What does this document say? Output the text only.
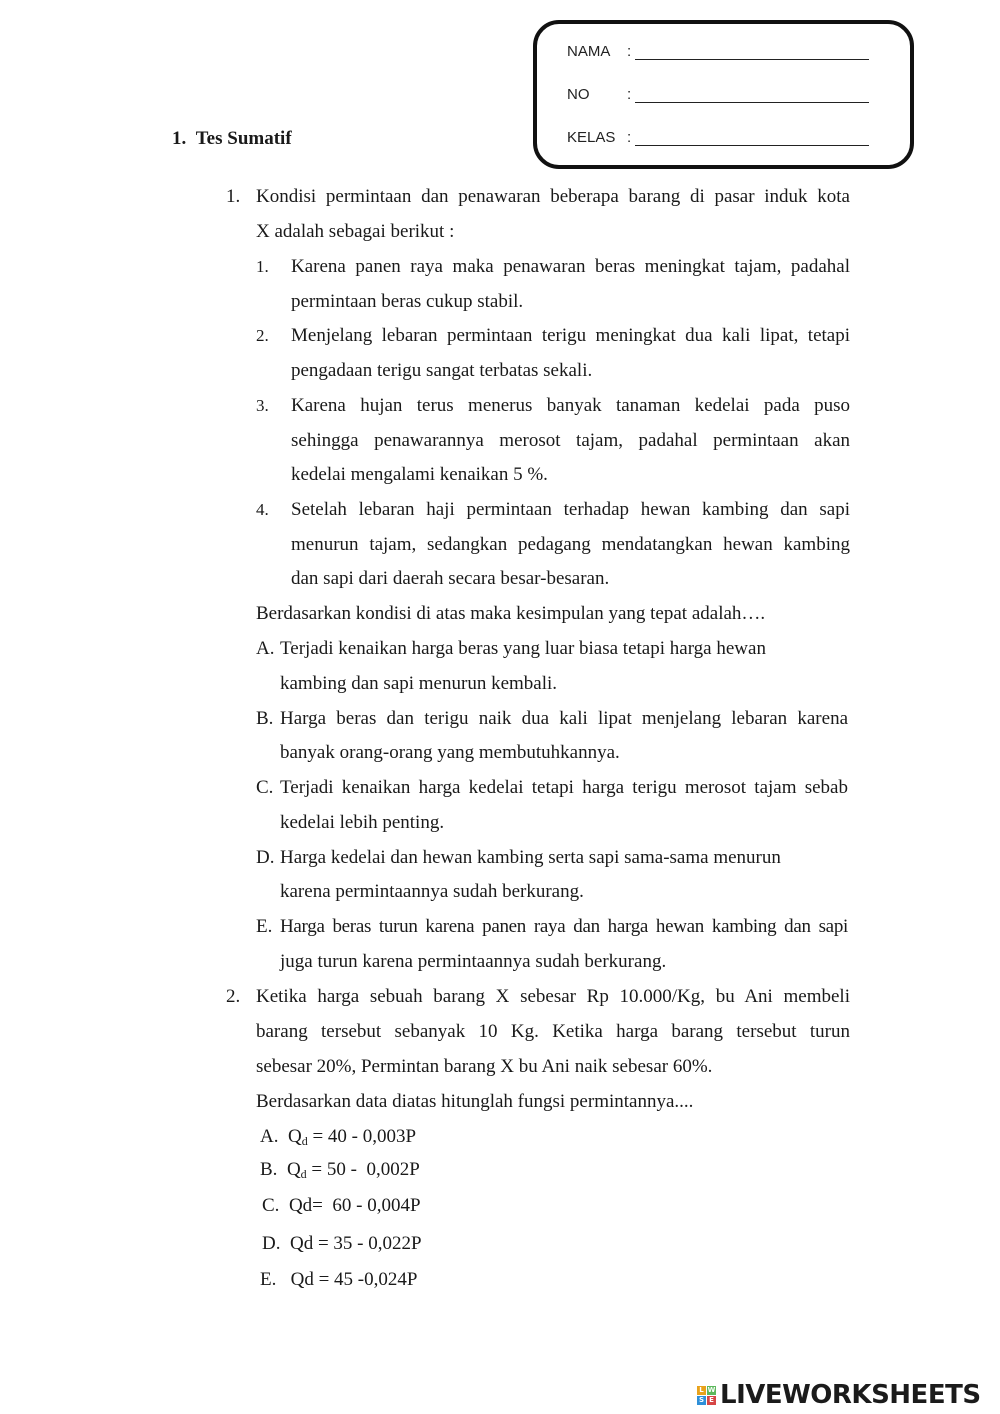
NAMA :
NO	:
KELAS :
1. Tes Sumatif
1. Kondisi permintaan dan penawaran beberapa barang di pasar induk kota
X adalah sebagai berikut :
1. Karena panen raya maka penawaran beras meningkat tajam, padahal
permintaan beras cukup stabil.
2. Menjelang lebaran permintaan terigu meningkat dua kali lipat, tetapi
pengadaan terigu sangat terbatas sekali.
3. Karena hujan terus menerus banyak tanaman kedelai pada puso
sehingga penawarannya merosot tajam, padahal permintaan akan
kedelai mengalami kenaikan 5 %.
4. Setelah lebaran haji permintaan terhadap hewan kambing dan sapi
menurun tajam, sedangkan pedagang mendatangkan hewan kambing
dan sapi dari daerah secara besar-besaran.
Berdasarkan kondisi di atas maka kesimpulan yang tepat adalah….
A. Terjadi kenaikan harga beras yang luar biasa tetapi harga hewan
kambing dan sapi menurun kembali.
B. Harga beras dan terigu naik dua kali lipat menjelang lebaran karena
banyak orang-orang yang membutuhkannya.
C. Terjadi kenaikan harga kedelai tetapi harga terigu merosot tajam sebab
kedelai lebih penting.
D. Harga kedelai dan hewan kambing serta sapi sama-sama menurun
karena permintaannya sudah berkurang.
E. Harga beras turun karena panen raya dan harga hewan kambing dan sapi
juga turun karena permintaannya sudah berkurang.
2. Ketika harga sebuah barang X sebesar Rp 10.000/Kg, bu Ani membeli
barang tersebut sebanyak 10 Kg. Ketika harga barang tersebut turun
sebesar 20%, Permintan barang X bu Ani naik sebesar 60%.
Berdasarkan data diatas hitunglah fungsi permintannya....
A. $Q_d = 40 - 0,003P$
B. $Q_d = 50 - 0,002P$
C. Qd=  60 - 0,004P
D. Qd = 35 - 0,022P
E. Qd = 45 -0,024P
L W
S E LIVEWORKSHEETS
